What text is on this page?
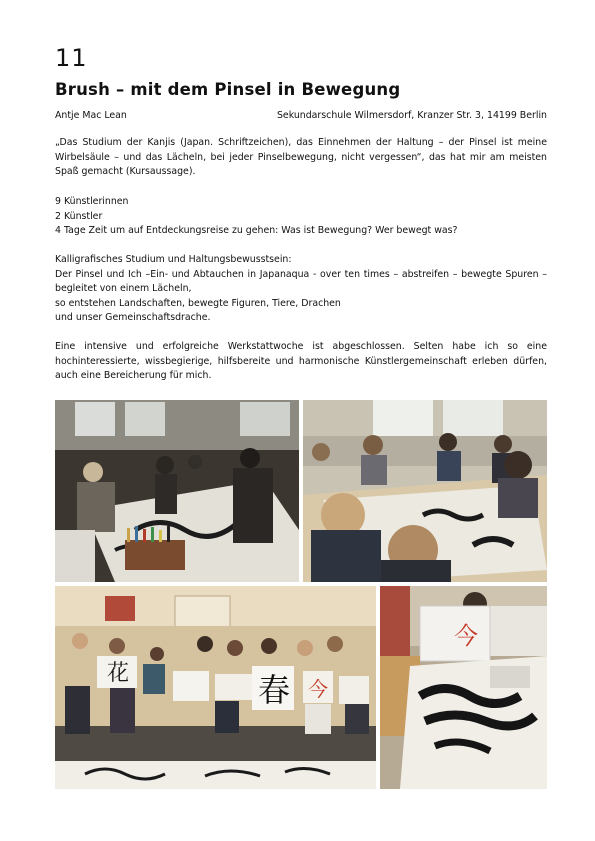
11
Brush – mit dem Pinsel in Bewegung
Antje Mac Lean	Sekundarschule Wilmersdorf, Kranzer Str. 3, 14199 Berlin
„Das Studium der Kanjis (Japan. Schriftzeichen), das Einnehmen der Haltung – der Pinsel ist meine Wirbelsäule – und das Lächeln, bei jeder Pinselbewegung, nicht vergessen“, das hat mir am meisten Spaß gemacht (Kursaussage).
9 Künstlerinnen
2 Künstler
4 Tage Zeit um auf Entdeckungsreise zu gehen: Was ist Bewegung? Wer bewegt was?
Kalligrafisches Studium und Haltungsbewusstsein:
Der Pinsel und Ich –Ein- und Abtauchen in Japanaqua - over ten times – abstreifen – bewegte Spuren – begleitet von einem Lächeln,
so entstehen Landschaften, bewegte Figuren, Tiere, Drachen
und unser Gemeinschaftsdrache.
Eine intensive und erfolgreiche Werkstattwoche ist abgeschlossen. Selten habe ich so eine hochinteressierte, wissbegierige, hilfsbereite und harmonische Künstlergemeinschaft erleben dürfen, auch eine Bereicherung für mich.
花	春 今
今
